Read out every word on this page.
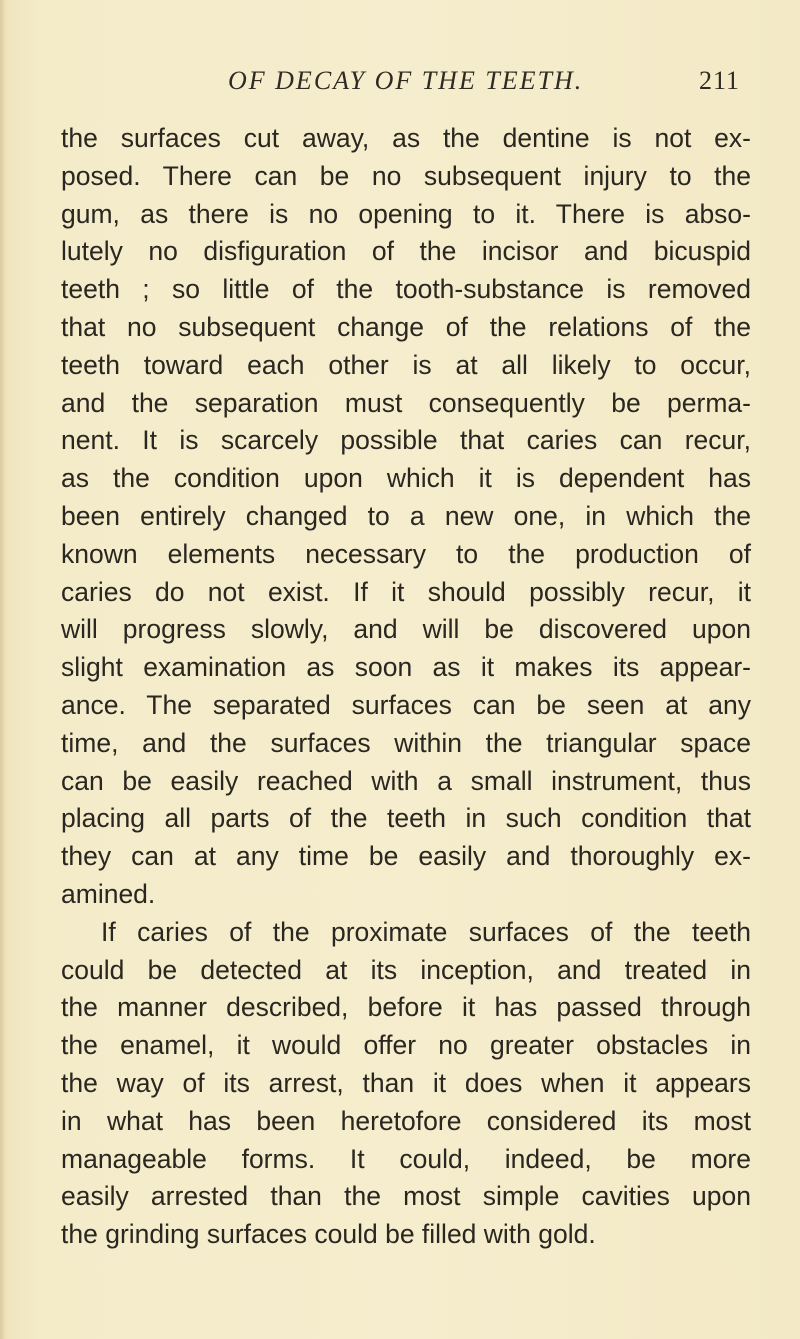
OF DECAY OF THE TEETH.	211
the surfaces cut away, as the dentine is not ex-
posed. There can be no subsequent injury to the
gum, as there is no opening to it. There is abso-
lutely no disfiguration of the incisor and bicuspid
teeth ; so little of the tooth-substance is removed
that no subsequent change of the relations of the
teeth toward each other is at all likely to occur,
and the separation must consequently be perma-
nent. It is scarcely possible that caries can recur,
as the condition upon which it is dependent has
been entirely changed to a new one, in which the
known elements necessary to the production of
caries do not exist. If it should possibly recur, it
will progress slowly, and will be discovered upon
slight examination as soon as it makes its appear-
ance. The separated surfaces can be seen at any
time, and the surfaces within the triangular space
can be easily reached with a small instrument, thus
placing all parts of the teeth in such condition that
they can at any time be easily and thoroughly ex-
amined.
If caries of the proximate surfaces of the teeth
could be detected at its inception, and treated in
the manner described, before it has passed through
the enamel, it would offer no greater obstacles in
the way of its arrest, than it does when it appears
in what has been heretofore considered its most
manageable forms. It could, indeed, be more
easily arrested than the most simple cavities upon
the grinding surfaces could be filled with gold.
